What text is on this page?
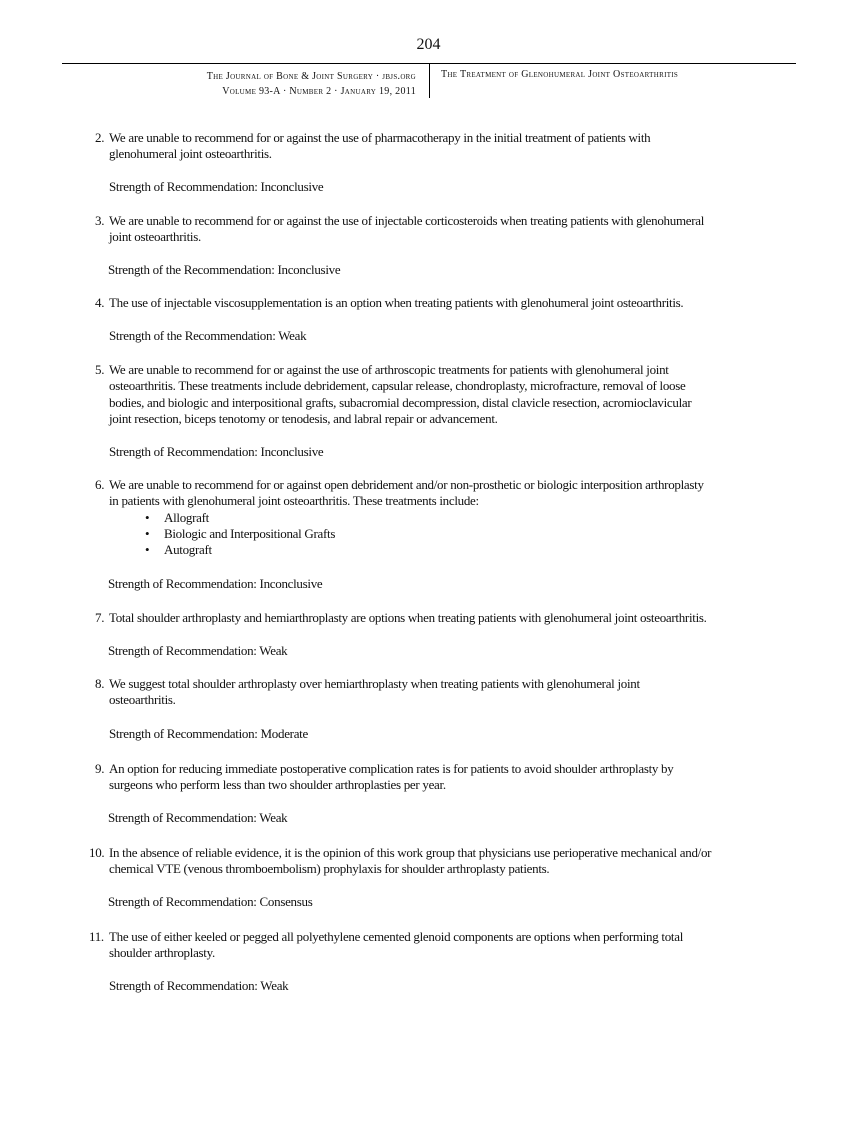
204
The Journal of Bone & Joint Surgery · jbjs.org
Volume 93-A · Number 2 · January 19, 2011
The Treatment of Glenohumeral Joint Osteoarthritis
2. We are unable to recommend for or against the use of pharmacotherapy in the initial treatment of patients with
glenohumeral joint osteoarthritis.
Strength of Recommendation: Inconclusive
3. We are unable to recommend for or against the use of injectable corticosteroids when treating patients with glenohumeral
joint osteoarthritis.
Strength of the Recommendation: Inconclusive
4. The use of injectable viscosupplementation is an option when treating patients with glenohumeral joint osteoarthritis.
Strength of the Recommendation: Weak
5. We are unable to recommend for or against the use of arthroscopic treatments for patients with glenohumeral joint
osteoarthritis. These treatments include debridement, capsular release, chondroplasty, microfracture, removal of loose
bodies, and biologic and interpositional grafts, subacromial decompression, distal clavicle resection, acromioclavicular
joint resection, biceps tenotomy or tenodesis, and labral repair or advancement.
Strength of Recommendation: Inconclusive
6. We are unable to recommend for or against open debridement and/or non-prosthetic or biologic interposition arthroplasty
in patients with glenohumeral joint osteoarthritis. These treatments include:
• Allograft
• Biologic and Interpositional Grafts
• Autograft
Strength of Recommendation: Inconclusive
7. Total shoulder arthroplasty and hemiarthroplasty are options when treating patients with glenohumeral joint osteoarthritis.
Strength of Recommendation: Weak
8. We suggest total shoulder arthroplasty over hemiarthroplasty when treating patients with glenohumeral joint
osteoarthritis.
Strength of Recommendation: Moderate
9. An option for reducing immediate postoperative complication rates is for patients to avoid shoulder arthroplasty by
surgeons who perform less than two shoulder arthroplasties per year.
Strength of Recommendation: Weak
10. In the absence of reliable evidence, it is the opinion of this work group that physicians use perioperative mechanical and/or
chemical VTE (venous thromboembolism) prophylaxis for shoulder arthroplasty patients.
Strength of Recommendation: Consensus
11. The use of either keeled or pegged all polyethylene cemented glenoid components are options when performing total
shoulder arthroplasty.
Strength of Recommendation: Weak
